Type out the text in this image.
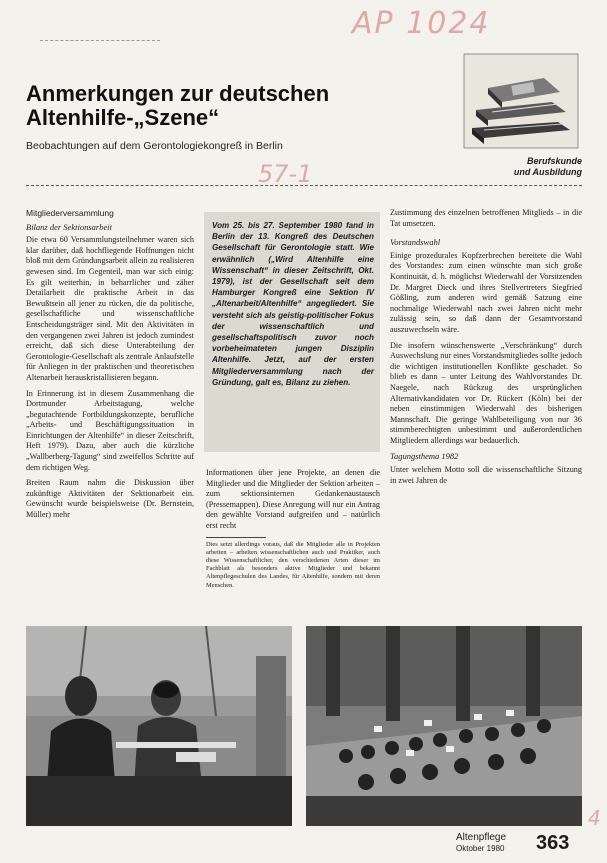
AP 1024
57-1
4
Anmerkungen zur deutschen
Altenhilfe-„Szene“
Beobachtungen auf dem Gerontologiekongreß in Berlin
Berufskunde
und Ausbildung
Mitgliederversammlung
Bilanz der Sektionsarbeit

Die etwa 60 Versammlungsteilnehmer waren sich klar darüber, daß hochfliegende Hoffnungen nicht bloß mit dem Gründungsarbeit allein zu realisieren gewesen sind. Im Gegenteil, man war sich einig: Es gilt weiterhin, in beharrlicher und zäher Detailarbeit die praktische Arbeit in das Bewußtsein all jener zu rücken, die da politische, gesellschaftliche und wissenschaftliche Entscheidungsträger sind. Mit den Aktivitäten in den vergangenen zwei Jahren ist jedoch zumindest erreicht, daß sich diese Unterabteilung der Gerontologie-Gesellschaft als zentrale Anlaufstelle für Anliegen in der praktischen und theoretischen Altenarbeit herauskristallisieren begann.

In Erinnerung ist in diesem Zusammenhang die Dortmunder Arbeitstagung, welche „begutachtende Fortbildungskonzepte, berufliche „Arbeits- und Beschäftigungssituation in Einrichtungen der Altenhilfe“ in dieser Zeitschrift, Heft 1979). Dazu, aber auch die kürzliche „Wallberberg-Tagung“ sind zweifellos Schritte auf dem richtigen Weg.

Breiten Raum nahm die Diskussion über zukünftige Aktivitäten der Sektionarbeit ein. Gewünscht wurde beispielsweise (Dr. Bernstein, Müller) mehr

Vom 25. bis 27. September 1980 fand in Berlin der 13. Kongreß des Deutschen Gesellschaft für Gerontologie statt. Wie erwähnlich („Wird Altenhilfe eine Wissenschaft“ in dieser Zeitschrift, Okt. 1979), ist der Gesellschaft seit dem Hamburger Kongreß eine Sektion IV „Altenarbeit/Altenhilfe“ angegliedert. Sie versteht sich als geistig-politischer Fokus der wissenschaftlich und gesellschaftspolitisch zuvor noch vorbeheimateten jungen Disziplin Altenhilfe. Jetzt, auf der ersten Mitgliederversammlung nach der Gründung, galt es, Bilanz zu ziehen.

Informationen über jene Projekte, an denen die Mitglieder und die Mitglieder der Sektion arbeiten – zum sektionsinternen Gedankenaustausch (Pressemappen). Diese Anregung will nur ein Antrag den gewählte Vorstand aufgreifen und – natürlich erst recht

Dies setzt allerdings voraus, daß die Mitglieder alle in Projekten arbeiten – arbeiten wissenschaftlichen auch und Praktiker, auch diese Wissenschaftlicher, den verschiedenen Arten dieser im Fachblatt als besonders aktive Mitglieder und bekannt Altenpflegeschulen des Landes, für Altenhilfe, sondern mit deren Menschen.

Zustimmung des einzelnen betroffenen Mitglieds – in die Tat umsetzen.

Vorstandswahl

Einige prozedurales Kopfzerbrechen bereitete die Wahl des Vorstandes: zum einen wünschte man sich große Kontinuität, d. h. möglichst Wiederwahl der Vorsitzenden Dr. Margret Dieck und ihres Stellvertreters Siegfried Gößling, zum anderen wird gemäß Satzung eine nochmalige Wiederwahl nach zwei Jahren nicht mehr zulässig sein, so daß dann der Gesamtvorstand auszuwechseln wäre.

Die insofern wünschenswerte „Verschränkung“ durch Auswechslung nur eines Vorstandsmitgliedes sollte jedoch die wichtigen institutionellen Konflikte geschadet. So blieb es dann – unter Leitung des Wahlvorstandes Dr. Naegele, nach Rückzug des ursprünglichen Alternativkandidaten vor Dr. Rückert (Köln) bei der neben einstimmigen Wiederwahl des bisherigen Mannschaft. Die geringe Wahlbeteiligung von nur 36 stimmberechtigten unbestimmt und außerordentlichen Mitgliedern allerdings war bedauerlich.

Tagungsthema 1982

Unter welchem Motto soll die wissenschaftliche Sitzung in zwei Jahren de

Altenpflege
Oktober 1980 363
